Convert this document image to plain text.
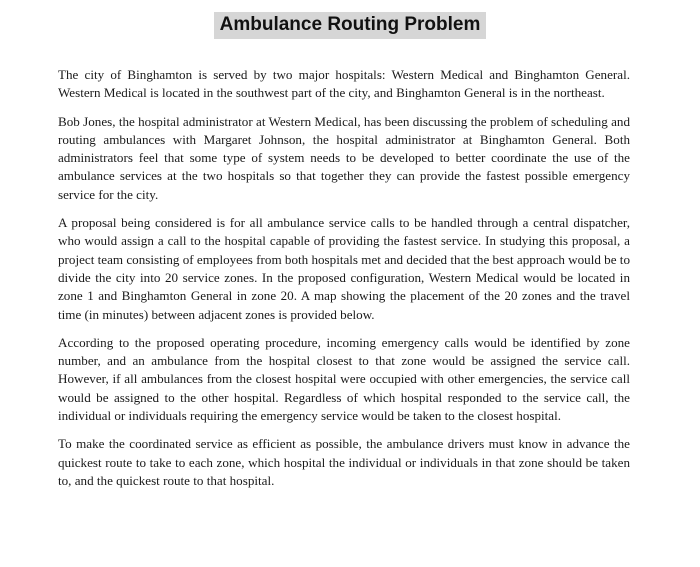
Ambulance Routing Problem

The city of Binghamton is served by two major hospitals: Western Medical and Binghamton General. Western Medical is located in the southwest part of the city, and Binghamton General is in the northeast.

Bob Jones, the hospital administrator at Western Medical, has been discussing the problem of scheduling and routing ambulances with Margaret Johnson, the hospital administrator at Binghamton General. Both administrators feel that some type of system needs to be developed to better coordinate the use of the ambulance services at the two hospitals so that together they can provide the fastest possible emergency service for the city.

A proposal being considered is for all ambulance service calls to be handled through a central dispatcher, who would assign a call to the hospital capable of providing the fastest service. In studying this proposal, a project team consisting of employees from both hospitals met and decided that the best approach would be to divide the city into 20 service zones. In the proposed configuration, Western Medical would be located in zone 1 and Binghamton General in zone 20. A map showing the placement of the 20 zones and the travel time (in minutes) between adjacent zones is provided below.

According to the proposed operating procedure, incoming emergency calls would be identified by zone number, and an ambulance from the hospital closest to that zone would be assigned the service call. However, if all ambulances from the closest hospital were occupied with other emergencies, the service call would be assigned to the other hospital. Regardless of which hospital responded to the service call, the individual or individuals requiring the emergency service would be taken to the closest hospital.

To make the coordinated service as efficient as possible, the ambulance drivers must know in advance the quickest route to take to each zone, which hospital the individual or individuals in that zone should be taken to, and the quickest route to that hospital.
